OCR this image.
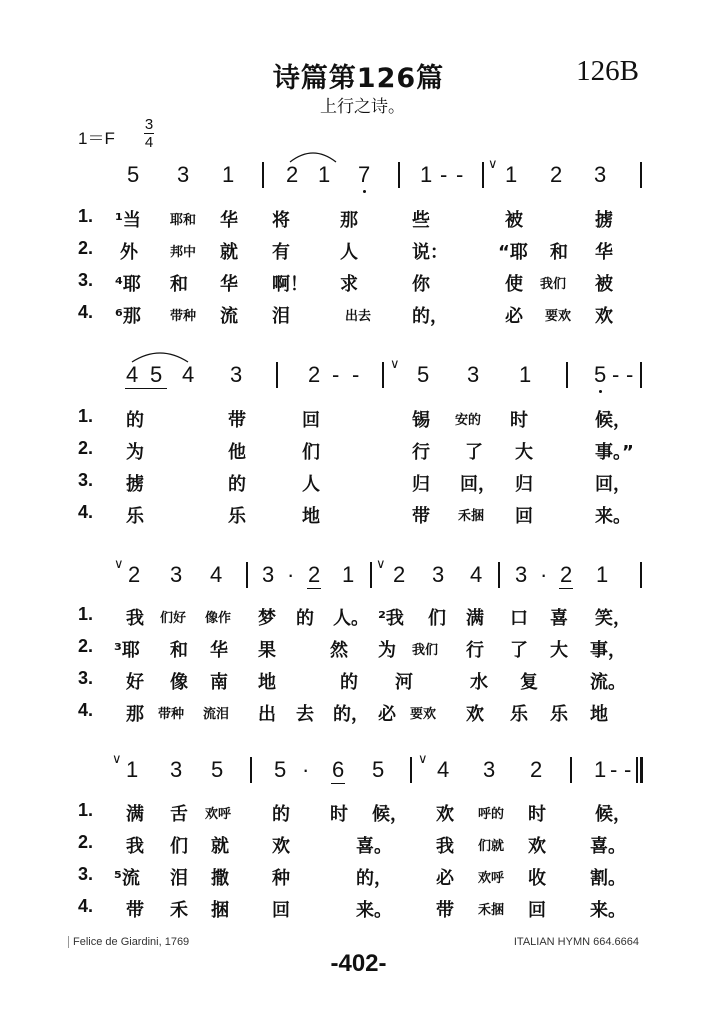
诗篇第126篇	126B
上行之诗。
1＝F
3
4
5 3 1 2 1 7 1 - - 1 2 3
∨
1. ¹当 耶和 华 将	那	些	被	掳
2. 外 邦中 就 有	人	说：	“耶 和 华
3. ⁴耶 和 华 啊！ 求	你	使 我们 被
4. ⁶那 带种 流 泪	出去 的，	必 要欢 欢
4 5 4 3	2 - -	5 3 1	5 - -
∨
1. 的	带	回	锡 安的 时	候，
2. 为	他	们	行 了 大	事。”
3. 掳	的	人	归 回， 归	回，
4. 乐	乐	地	带 禾捆 回	来。
2 3 4 3 · 2 1 2 3 4 3 · 2 1
∨	∨
1. 我 们好 像作 梦 的 人。 ²我 们 满 口 喜 笑，
2. ³耶 和 华 果	然 为 我们 行 了 大 事，
3. 好 像 南 地	的 河	水 复	流。
4. 那 带种 流泪 出 去 的， 必 要欢 欢 乐 乐 地
1 3 5 5 · 6 5 4 3 2 1 - -
∨	∨
1. 满 舌 欢呼 的 时 候， 欢 呼的 时	候，
2. 我 们 就 欢	喜。 我 们就 欢 喜。
3. ⁵流 泪 撒 种	的， 必 欢呼 收 割。
4. 带 禾 捆 回	来。 带 禾捆 回 来。
Felice de Giardini, 1769	ITALIAN HYMN 664.6664
-402-
